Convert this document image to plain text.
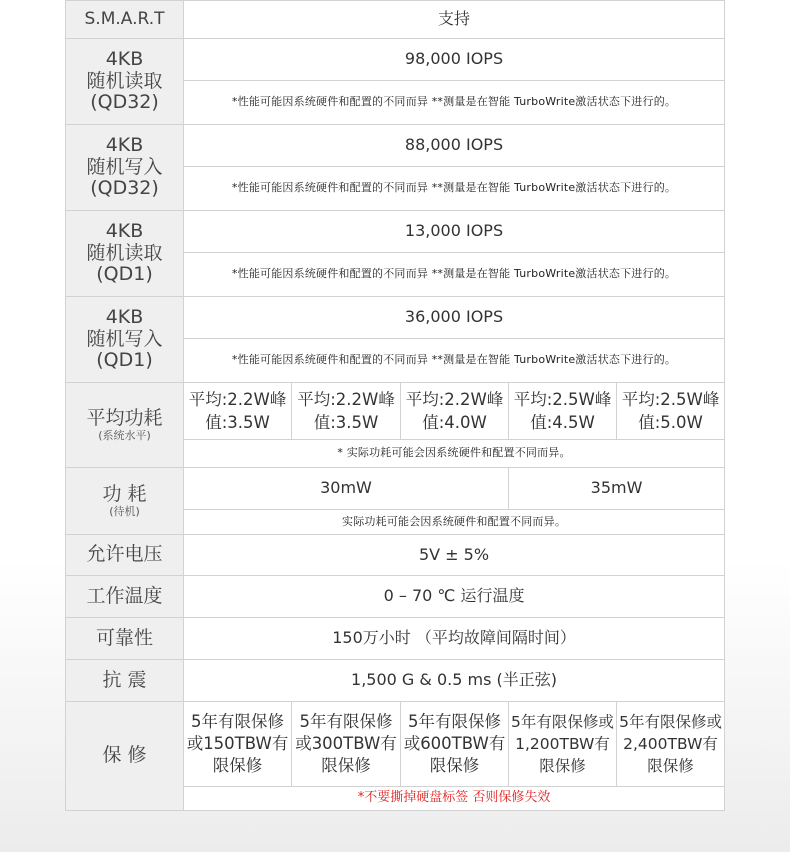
S.M.A.R.T	支持				

4KB
随机读取
(QD32)	98,000 IOPS				
	*性能可能因系统硬件和配置的不同而异 **测量是在智能 TurboWrite激活状态下进行的。				

4KB
随机写入
(QD32)	88,000 IOPS				
	*性能可能因系统硬件和配置的不同而异 **测量是在智能 TurboWrite激活状态下进行的。				

4KB
随机读取
(QD1)	13,000 IOPS				
	*性能可能因系统硬件和配置的不同而异 **测量是在智能 TurboWrite激活状态下进行的。				

4KB
随机写入
(QD1)	36,000 IOPS				
	*性能可能因系统硬件和配置的不同而异 **测量是在智能 TurboWrite激活状态下进行的。				

平均功耗
(系统水平)	平均:2.2W峰值:3.5W	平均:2.2W峰值:3.5W	平均:2.2W峰值:4.0W	平均:2.5W峰值:4.5W	平均:2.5W峰值:5.0W
	* 实际功耗可能会因系统硬件和配置不同而异。				

功 耗
(待机)	30mW			35mW	
	实际功耗可能会因系统硬件和配置不同而异。				
允许电压	5V ± 5%				
工作温度	0 – 70 ℃ 运行温度				
可靠性	150万小时 （平均故障间隔时间）				
抗 震	1,500 G & 0.5 ms (半正弦)				
保 修	5年有限保修或150TBW有限保修	5年有限保修或300TBW有限保修	5年有限保修或600TBW有限保修	5年有限保修或1,200TBW有限保修	5年有限保修或2,400TBW有限保修
	*不要撕掉硬盘标签 否则保修失效				
